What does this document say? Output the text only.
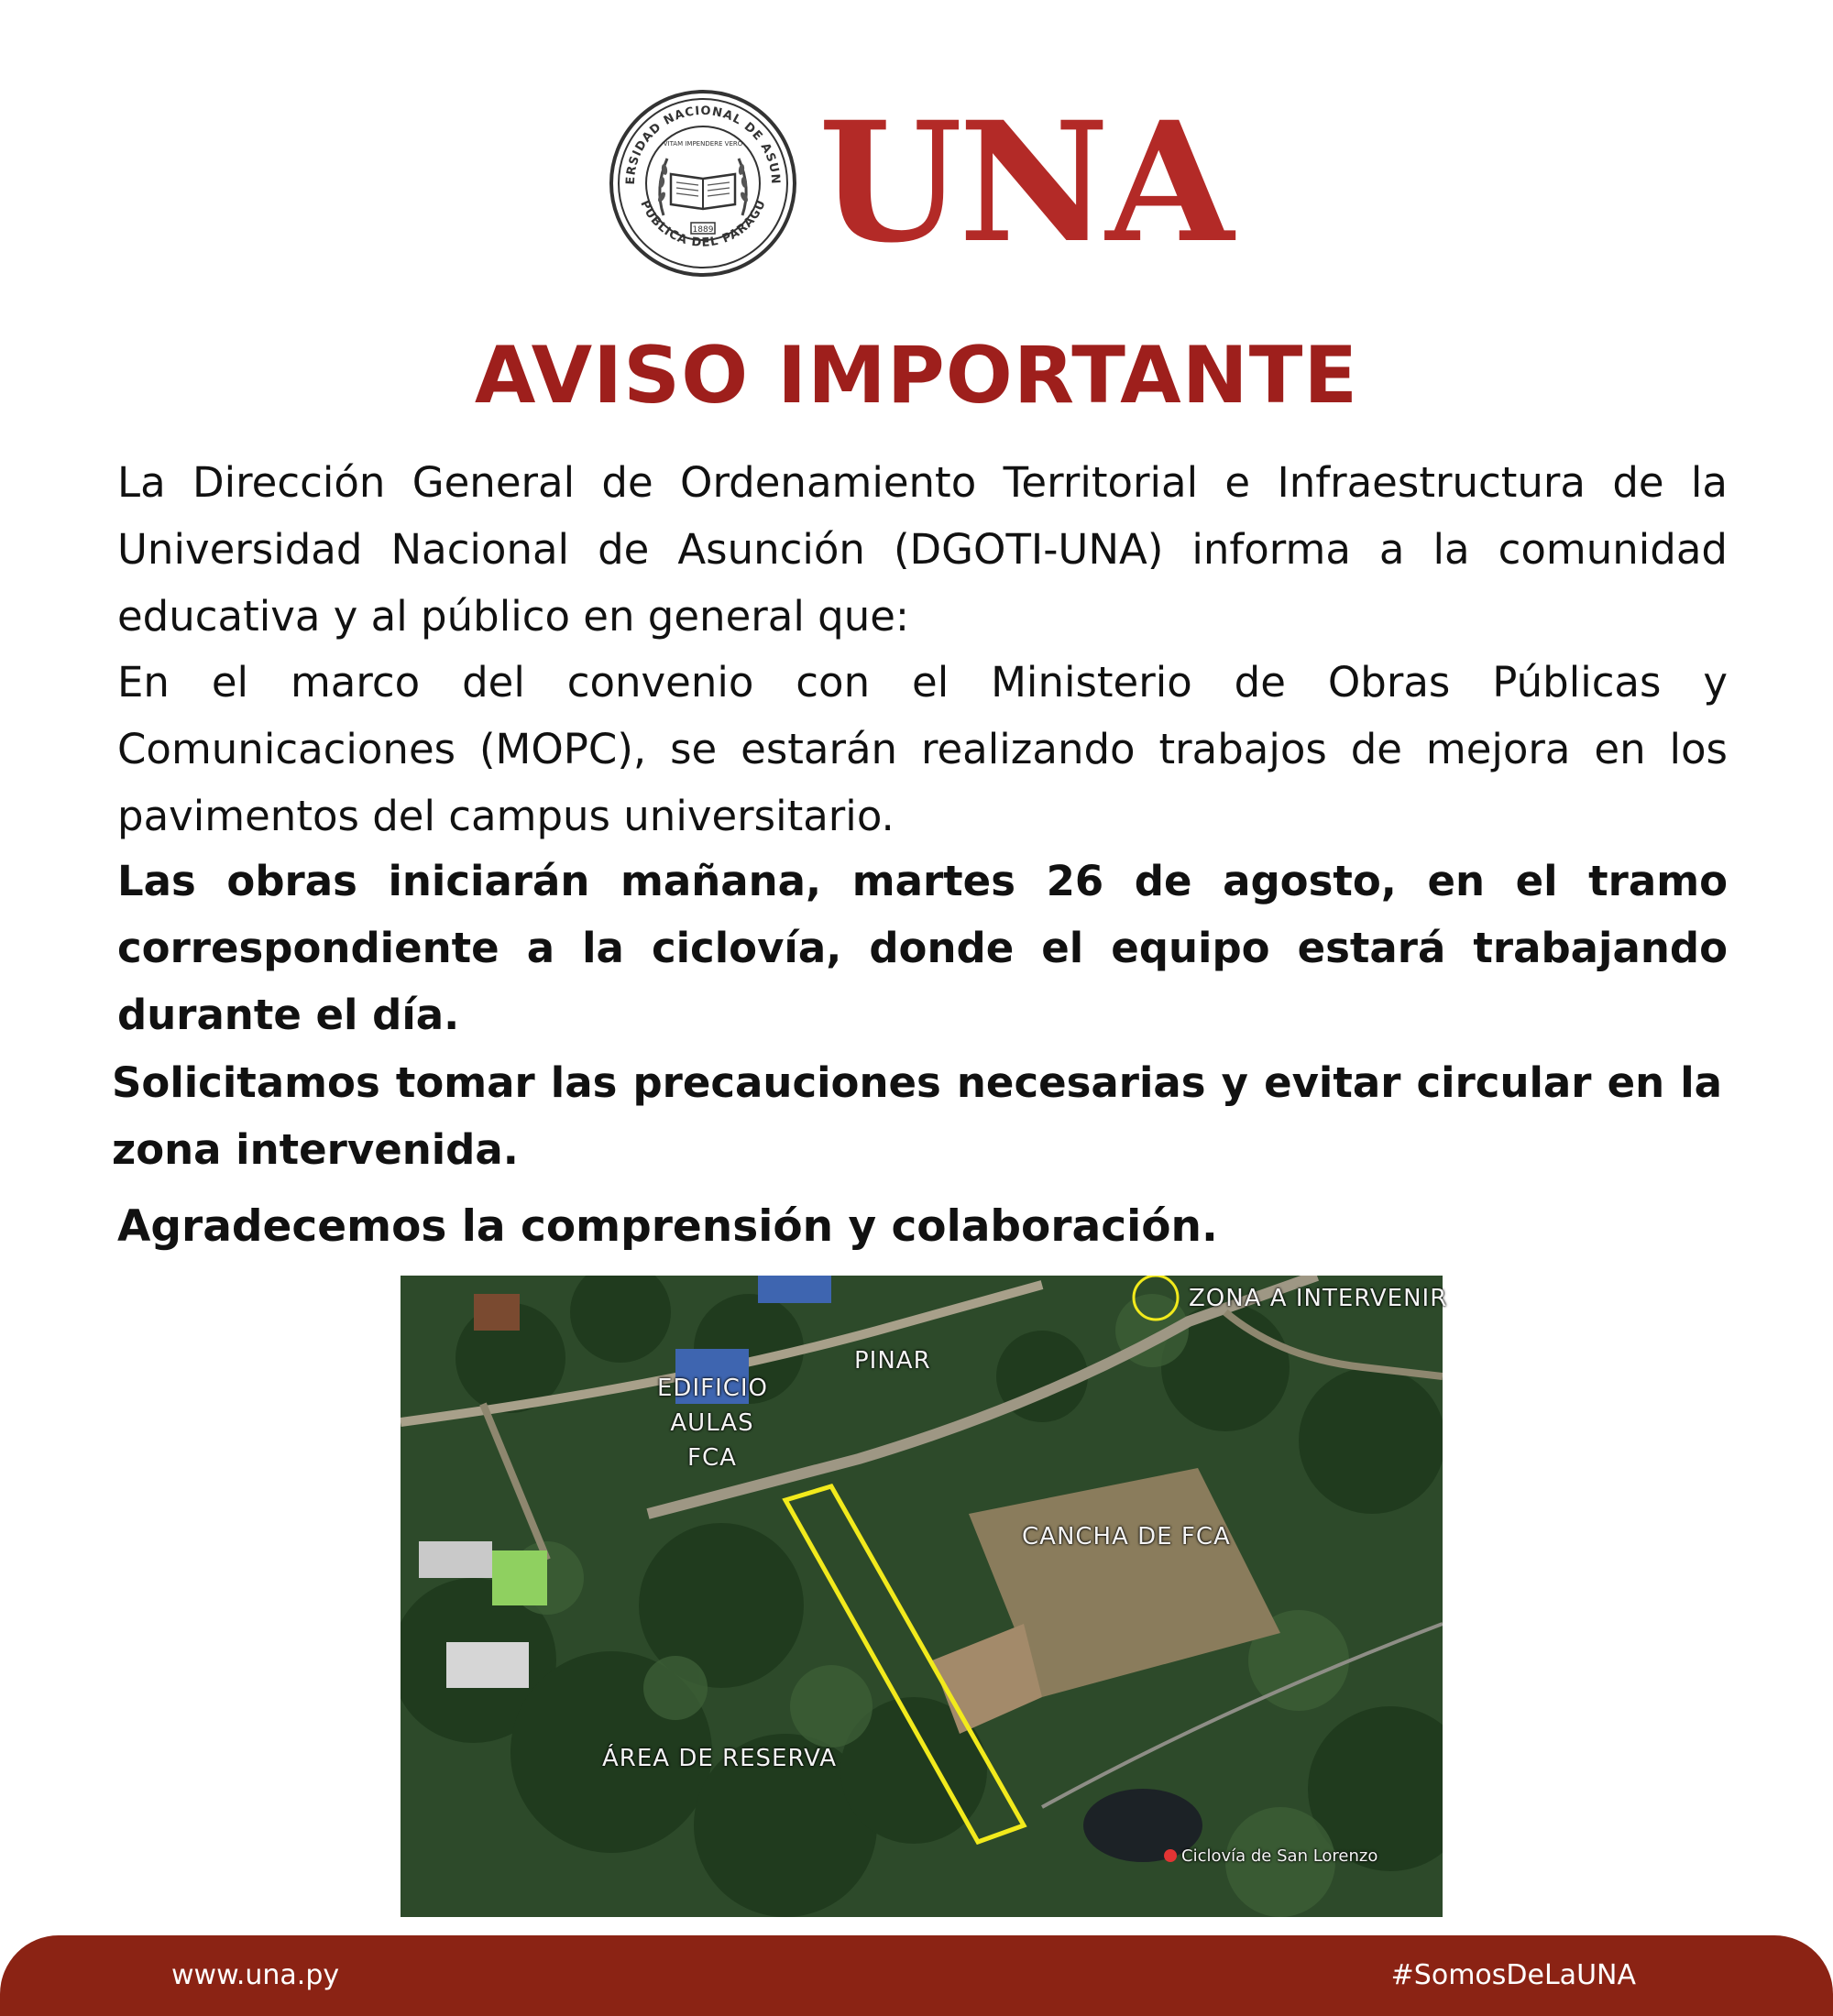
ERSIDAD NACIONAL DE ASUN
PUBLICA DEL PARAGU
VITAM IMPENDERE VERO
1889 UNA
AVISO IMPORTANTE

La Dirección General de Ordenamiento Territorial e Infraestructura de la Universidad Nacional de Asunción (DGOTI-UNA) informa a la comunidad educativa y al público en general que:

En el marco del convenio con el Ministerio de Obras Públicas y Comunicaciones (MOPC), se estarán realizando trabajos de mejora en los pavimentos del campus universitario.

Las obras iniciarán mañana, martes 26 de agosto, en el tramo correspondiente a la ciclovía, donde el equipo estará trabajando durante el día.

Solicitamos tomar las precauciones necesarias y evitar circular en la zona intervenida.

Agradecemos la comprensión y colaboración.

ZONA A INTERVENIR
PINAR
EDIFICIO
AULAS
FCA
CANCHA DE FCA
ÁREA DE RESERVA
Ciclovía de San Lorenzo
www.una.py	#SomosDeLaUNA
